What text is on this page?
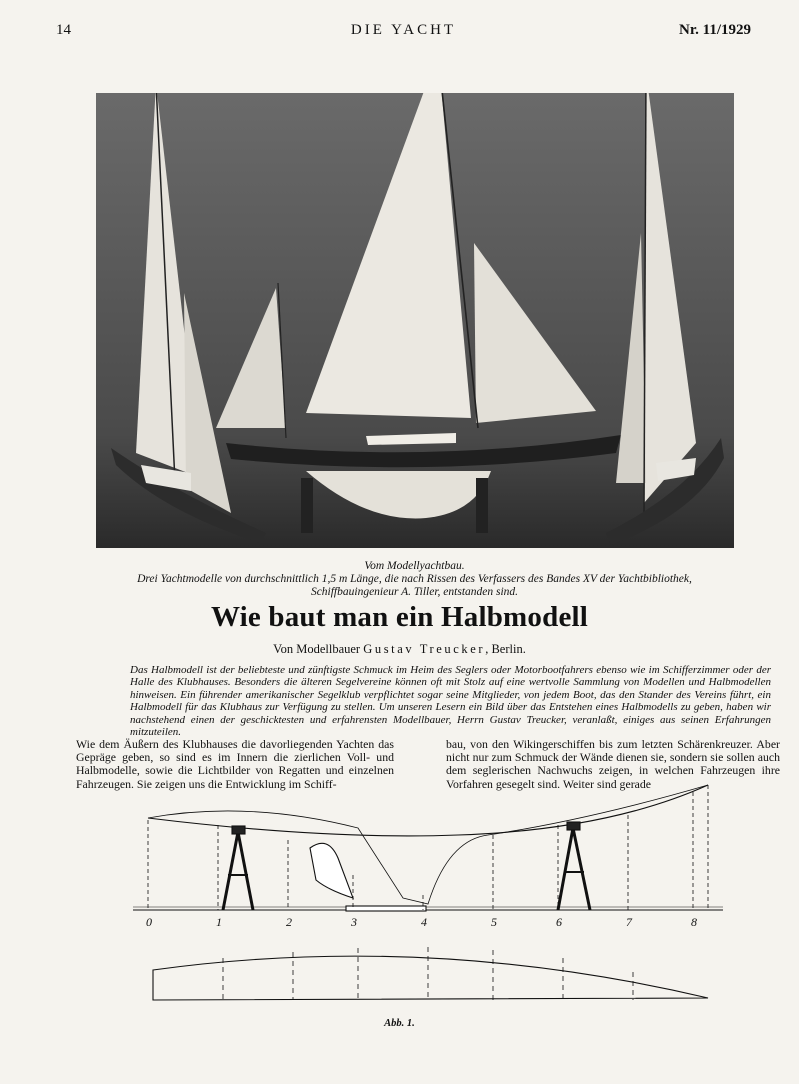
14	DIE YACHT	Nr. 11/1929
Vom Modellyachtbau.
Drei Yachtmodelle von durchschnittlich 1,5 m Länge, die nach Rissen des Verfassers des Bandes XV der Yachtbibliothek,
Schiffbauingenieur A. Tiller, entstanden sind.
Wie baut man ein Halbmodell
Von Modellbauer Gustav Treucker, Berlin.

Das Halbmodell ist der beliebteste und zünftigste Schmuck im Heim des Seglers oder Motorbootfahrers ebenso wie im Schifferzimmer oder der Halle des Klubhauses. Besonders die älteren Segelvereine können oft mit Stolz auf eine wertvolle Sammlung von Modellen und Halbmodellen hinweisen. Ein führender amerikanischer Segelklub verpflichtet sogar seine Mitglieder, von jedem Boot, das den Stander des Vereins führt, ein Halbmodell für das Klubhaus zur Verfügung zu stellen. Um unseren Lesern ein Bild über das Entstehen eines Halbmodells zu geben, haben wir nachstehend einen der geschicktesten und erfahrensten Modellbauer, Herrn Gustav Treucker, veranlaßt, einiges aus seinen Erfahrungen mitzuteilen.

Wie dem Äußern des Klubhauses die davorliegenden Yachten das Gepräge geben, so sind es im Innern die zierlichen Voll- und Halbmodelle, sowie die Lichtbilder von Regatten und einzelnen Fahrzeugen. Sie zeigen uns die Entwicklung im Schiff-

bau, von den Wikingerschiffen bis zum letzten Schärenkreuzer. Aber nicht nur zum Schmuck der Wände dienen sie, sondern sie sollen auch dem seglerischen Nachwuchs zeigen, in welchen Fahrzeugen ihre Vorfahren gesegelt sind. Weiter sind gerade

0	1	2	3	4	5	6	7	8
Abb. 1.
